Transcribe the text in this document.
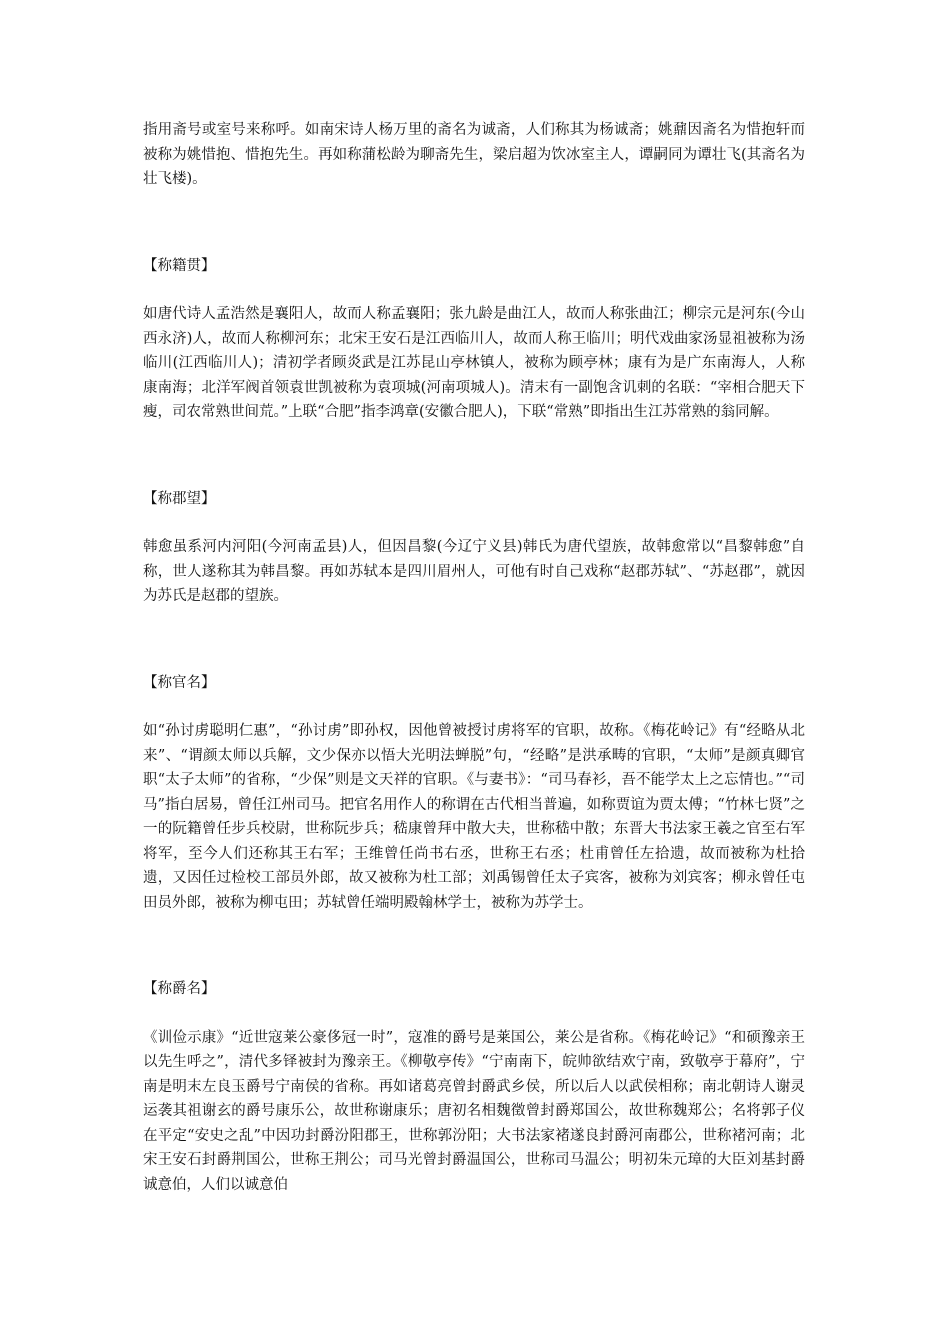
指用斋号或室号来称呼。如南宋诗人杨万里的斋名为诚斋，人们称其为杨诚斋；姚鼐因斋名为惜抱轩而被称为姚惜抱、惜抱先生。再如称蒲松龄为聊斋先生，梁启超为饮冰室主人，谭嗣同为谭壮飞(其斋名为壮飞楼)。

【称籍贯】

如唐代诗人孟浩然是襄阳人，故而人称孟襄阳；张九龄是曲江人，故而人称张曲江；柳宗元是河东(今山西永济)人，故而人称柳河东；北宋王安石是江西临川人，故而人称王临川；明代戏曲家汤显祖被称为汤临川(江西临川人)；清初学者顾炎武是江苏昆山亭林镇人，被称为顾亭林；康有为是广东南海人，人称康南海；北洋军阀首领袁世凯被称为袁项城(河南项城人)。清末有一副饱含讥刺的名联：“宰相合肥天下瘦，司农常熟世间荒。”上联“合肥”指李鸿章(安徽合肥人)，下联“常熟”即指出生江苏常熟的翁同解。

【称郡望】

韩愈虽系河内河阳(今河南孟县)人，但因昌黎(今辽宁义县)韩氏为唐代望族，故韩愈常以“昌黎韩愈”自称，世人遂称其为韩昌黎。再如苏轼本是四川眉州人，可他有时自己戏称“赵郡苏轼”、“苏赵郡”，就因为苏氏是赵郡的望族。

【称官名】

如“孙讨虏聪明仁惠”，“孙讨虏”即孙权，因他曾被授讨虏将军的官职，故称。《梅花岭记》有“经略从北来”、“谓颜太师以兵解，文少保亦以悟大光明法蝉脱”句，“经略”是洪承畴的官职，“太师”是颜真卿官职“太子太师”的省称，“少保”则是文天祥的官职。《与妻书》：“司马春衫，吾不能学太上之忘情也。”“司马”指白居易，曾任江州司马。把官名用作人的称谓在古代相当普遍，如称贾谊为贾太傅；“竹林七贤”之一的阮籍曾任步兵校尉，世称阮步兵；嵇康曾拜中散大夫，世称嵇中散；东晋大书法家王羲之官至右军将军，至今人们还称其王右军；王维曾任尚书右丞，世称王右丞；杜甫曾任左拾遗，故而被称为杜拾遗，又因任过检校工部员外郎，故又被称为杜工部；刘禹锡曾任太子宾客，被称为刘宾客；柳永曾任屯田员外郎，被称为柳屯田；苏轼曾任端明殿翰林学士，被称为苏学士。

【称爵名】

《训俭示康》“近世寇莱公豪侈冠一时”，寇准的爵号是莱国公，莱公是省称。《梅花岭记》“和硕豫亲王以先生呼之”，清代多铎被封为豫亲王。《柳敬亭传》“宁南南下，皖帅欲结欢宁南，致敬亭于幕府”，宁南是明末左良玉爵号宁南侯的省称。再如诸葛亮曾封爵武乡侯，所以后人以武侯相称；南北朝诗人谢灵运袭其祖谢玄的爵号康乐公，故世称谢康乐；唐初名相魏徵曾封爵郑国公，故世称魏郑公；名将郭子仪在平定“安史之乱”中因功封爵汾阳郡王，世称郭汾阳；大书法家褚遂良封爵河南郡公，世称褚河南；北宋王安石封爵荆国公，世称王荆公；司马光曾封爵温国公，世称司马温公；明初朱元璋的大臣刘基封爵诚意伯，人们以诚意伯
